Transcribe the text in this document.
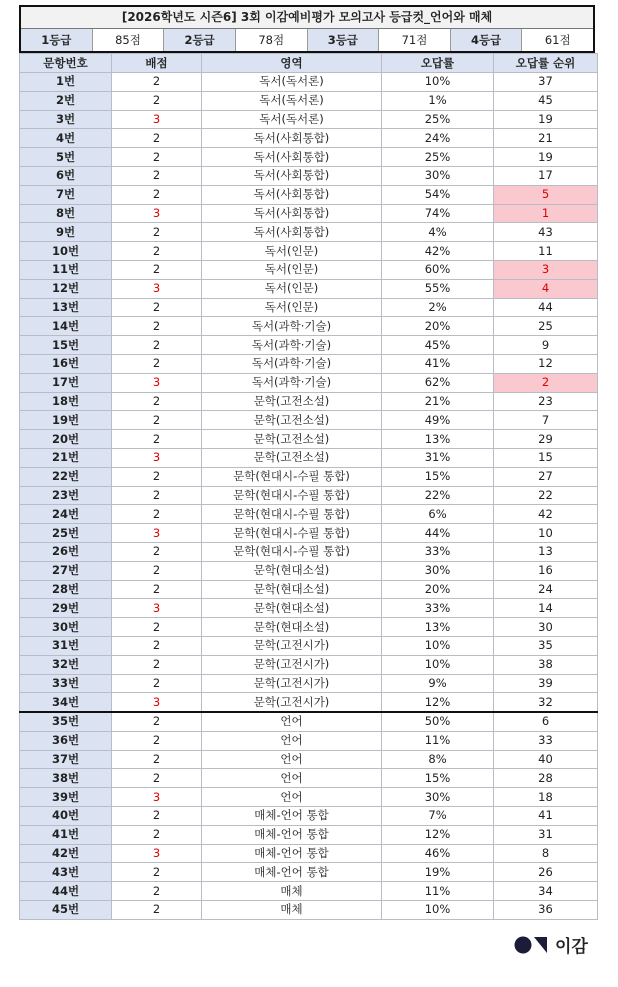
[2026학년도 시즌6] 3회 이감예비평가 모의고사 등급컷_언어와 매체
1등급	85점	2등급	78점	3등급	71점	4등급	61점
문항번호	배점	영역	오답률	오답률 순위
1번	2	독서(독서론)	10%	37
2번	2	독서(독서론)	1%	45
3번	3	독서(독서론)	25%	19
4번	2	독서(사회통합)	24%	21
5번	2	독서(사회통합)	25%	19
6번	2	독서(사회통합)	30%	17
7번	2	독서(사회통합)	54%	5
8번	3	독서(사회통합)	74%	1
9번	2	독서(사회통합)	4%	43
10번	2	독서(인문)	42%	11
11번	2	독서(인문)	60%	3
12번	3	독서(인문)	55%	4
13번	2	독서(인문)	2%	44
14번	2	독서(과학·기술)	20%	25
15번	2	독서(과학·기술)	45%	9
16번	2	독서(과학·기술)	41%	12
17번	3	독서(과학·기술)	62%	2
18번	2	문학(고전소설)	21%	23
19번	2	문학(고전소설)	49%	7
20번	2	문학(고전소설)	13%	29
21번	3	문학(고전소설)	31%	15
22번	2	문학(현대시-수필 통합)	15%	27
23번	2	문학(현대시-수필 통합)	22%	22
24번	2	문학(현대시-수필 통합)	6%	42
25번	3	문학(현대시-수필 통합)	44%	10
26번	2	문학(현대시-수필 통합)	33%	13
27번	2	문학(현대소설)	30%	16
28번	2	문학(현대소설)	20%	24
29번	3	문학(현대소설)	33%	14
30번	2	문학(현대소설)	13%	30
31번	2	문학(고전시가)	10%	35
32번	2	문학(고전시가)	10%	38
33번	2	문학(고전시가)	9%	39
34번	3	문학(고전시가)	12%	32
35번	2	언어	50%	6
36번	2	언어	11%	33
37번	2	언어	8%	40
38번	2	언어	15%	28
39번	3	언어	30%	18
40번	2	매체-언어 통합	7%	41
41번	2	매체-언어 통합	12%	31
42번	3	매체-언어 통합	46%	8
43번	2	매체-언어 통합	19%	26
44번	2	매체	11%	34
45번	2	매체	10%	36
이감
